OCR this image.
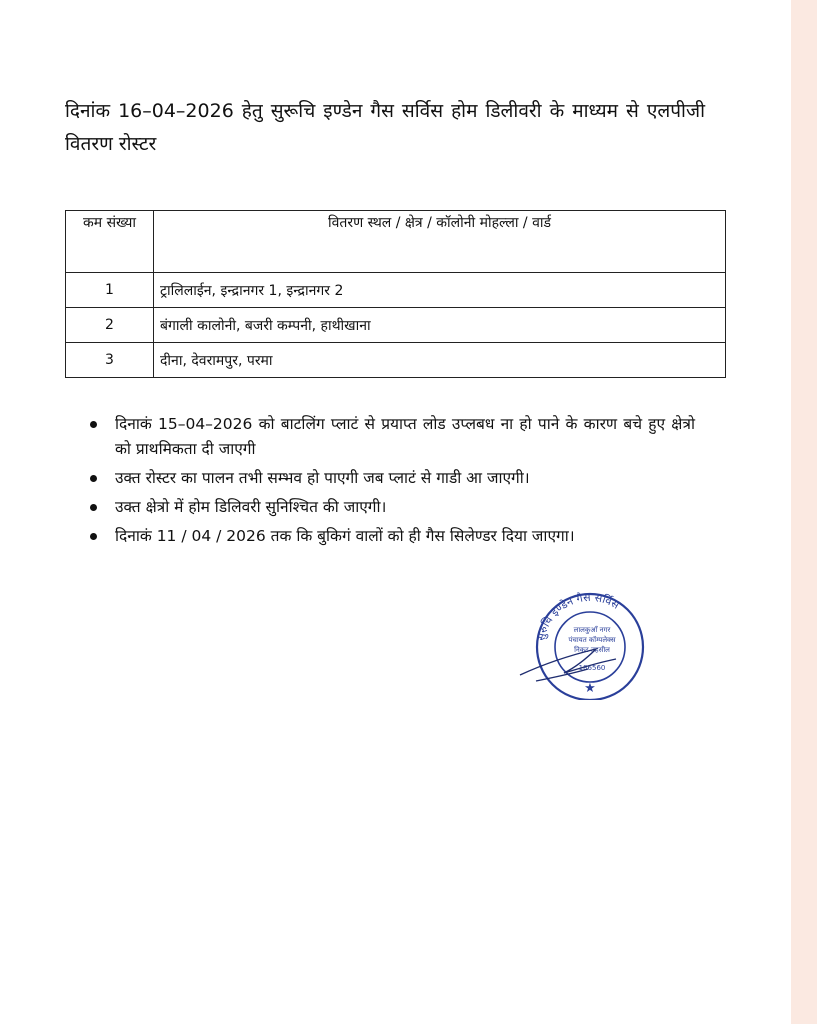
दिनांक 16–04–2026 हेतु सुरूचि इण्डेन गैस सर्विस होम डिलीवरी के माध्यम से एलपीजी वितरण रोस्टर
कम संख्या	वितरण स्थल / क्षेत्र / कॉलोनी मोहल्ला / वार्ड
1	ट्रालिलाईन, इन्द्रानगर 1, इन्द्रानगर 2
2	बंगाली कालोनी, बजरी कम्पनी, हाथीखाना
3	दीना, देवरामपुर, परमा
दिनाकं 15–04–2026 को बाटलिंग प्लाटं से प्रयाप्त लोड उप्लबध ना हो पाने के कारण बचे हुए क्षेत्रो को प्राथमिकता दी जाएगी
उक्त रोस्टर का पालन तभी सम्भव हो पाएगी जब प्लाटं से गाडी आ जाएगी।
उक्त क्षेत्रो में होम डिलिवरी सुनिश्चित की जाएगी।
दिनाकं 11 / 04 / 2026 तक कि बुकिगं वालों को ही गैस सिलेण्डर दिया जाएगा।
सुरुचि इण्डेन गैस सर्विस
लालकुआँ नगर
पंचायत कॉम्पलेक्स
निकट तहसील
186560
★
